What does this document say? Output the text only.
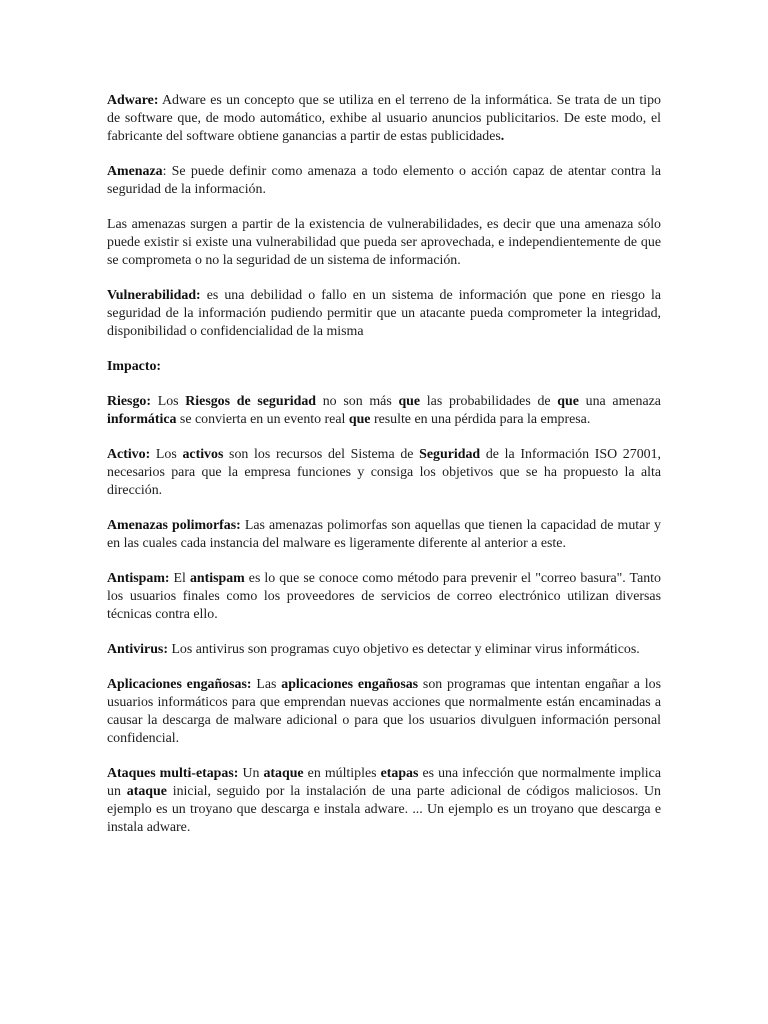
Adware: Adware es un concepto que se utiliza en el terreno de la informática. Se trata de un tipo de software que, de modo automático, exhibe al usuario anuncios publicitarios. De este modo, el fabricante del software obtiene ganancias a partir de estas publicidades.

Amenaza: Se puede definir como amenaza a todo elemento o acción capaz de atentar contra la seguridad de la información.

Las amenazas surgen a partir de la existencia de vulnerabilidades, es decir que una amenaza sólo puede existir si existe una vulnerabilidad que pueda ser aprovechada, e independientemente de que se comprometa o no la seguridad de un sistema de información.

Vulnerabilidad: es una debilidad o fallo en un sistema de información que pone en riesgo la seguridad de la información pudiendo permitir que un atacante pueda comprometer la integridad, disponibilidad o confidencialidad de la misma

Impacto:

Riesgo: Los Riesgos de seguridad no son más que las probabilidades de que una amenaza informática se convierta en un evento real que resulte en una pérdida para la empresa.

Activo: Los activos son los recursos del Sistema de Seguridad de la Información ISO 27001, necesarios para que la empresa funciones y consiga los objetivos que se ha propuesto la alta dirección.

Amenazas polimorfas: Las amenazas polimorfas son aquellas que tienen la capacidad de mutar y en las cuales cada instancia del malware es ligeramente diferente al anterior a este.

Antispam: El antispam es lo que se conoce como método para prevenir el "correo basura". Tanto los usuarios finales como los proveedores de servicios de correo electrónico utilizan diversas técnicas contra ello.

Antivirus: Los antivirus son programas cuyo objetivo es detectar y eliminar virus informáticos.

Aplicaciones engañosas: Las aplicaciones engañosas son programas que intentan engañar a los usuarios informáticos para que emprendan nuevas acciones que normalmente están encaminadas a causar la descarga de malware adicional o para que los usuarios divulguen información personal confidencial.

Ataques multi-etapas: Un ataque en múltiples etapas es una infección que normalmente implica un ataque inicial, seguido por la instalación de una parte adicional de códigos maliciosos. Un ejemplo es un troyano que descarga e instala adware. ... Un ejemplo es un troyano que descarga e instala adware.
